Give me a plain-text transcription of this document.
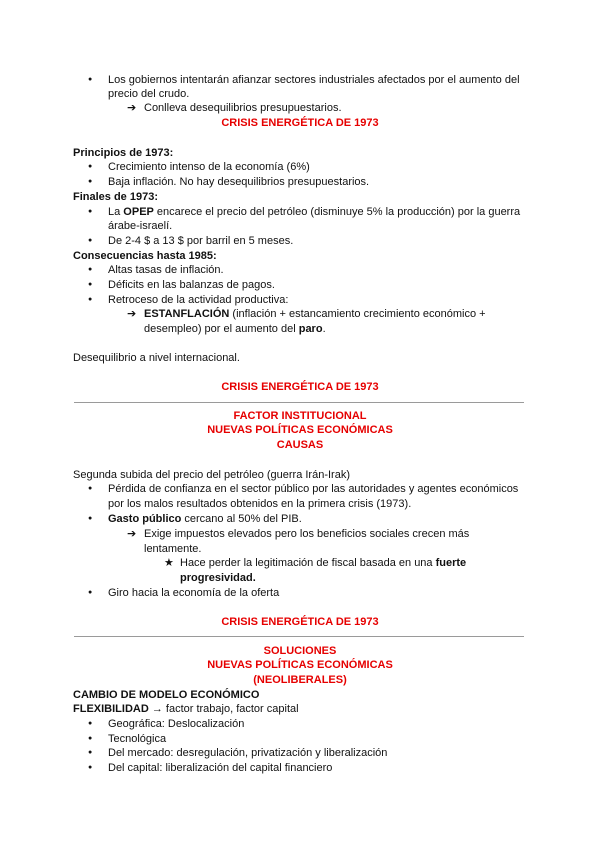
● Los gobiernos intentarán afianzar sectores industriales afectados por el aumento del
precio del crudo.
➔ Conlleva desequilibrios presupuestarios.
CRISIS ENERGÉTICA DE 1973
Principios de 1973:
● Crecimiento intenso de la economía (6%)
● Baja inflación. No hay desequilibrios presupuestarios.
Finales de 1973:
● La OPEP encarece el precio del petróleo (disminuye 5% la producción) por la guerra
árabe-israelí.
● De 2-4 $ a 13 $ por barril en 5 meses.
Consecuencias hasta 1985:
● Altas tasas de inflación.
● Déficits en las balanzas de pagos.
● Retroceso de la actividad productiva:
➔ ESTANFLACIÓN (inflación + estancamiento crecimiento económico +
desempleo) por el aumento del paro.
Desequilibrio a nivel internacional.
CRISIS ENERGÉTICA DE 1973
FACTOR INSTITUCIONAL
NUEVAS POLÍTICAS ECONÓMICAS
CAUSAS
Segunda subida del precio del petróleo (guerra Irán-Irak)
● Pérdida de confianza en el sector público por las autoridades y agentes económicos
por los malos resultados obtenidos en la primera crisis (1973).
● Gasto público cercano al 50% del PIB.
➔ Exige impuestos elevados pero los beneficios sociales crecen más
lentamente.
★ Hace perder la legitimación de fiscal basada en una fuerte
progresividad.
● Giro hacia la economía de la oferta
CRISIS ENERGÉTICA DE 1973
SOLUCIONES
NUEVAS POLÍTICAS ECONÓMICAS
(NEOLIBERALES)
CAMBIO DE MODELO ECONÓMICO
FLEXIBILIDAD → factor trabajo, factor capital
● Geográfica: Deslocalización
● Tecnológica
● Del mercado: desregulación, privatización y liberalización
● Del capital: liberalización del capital financiero
